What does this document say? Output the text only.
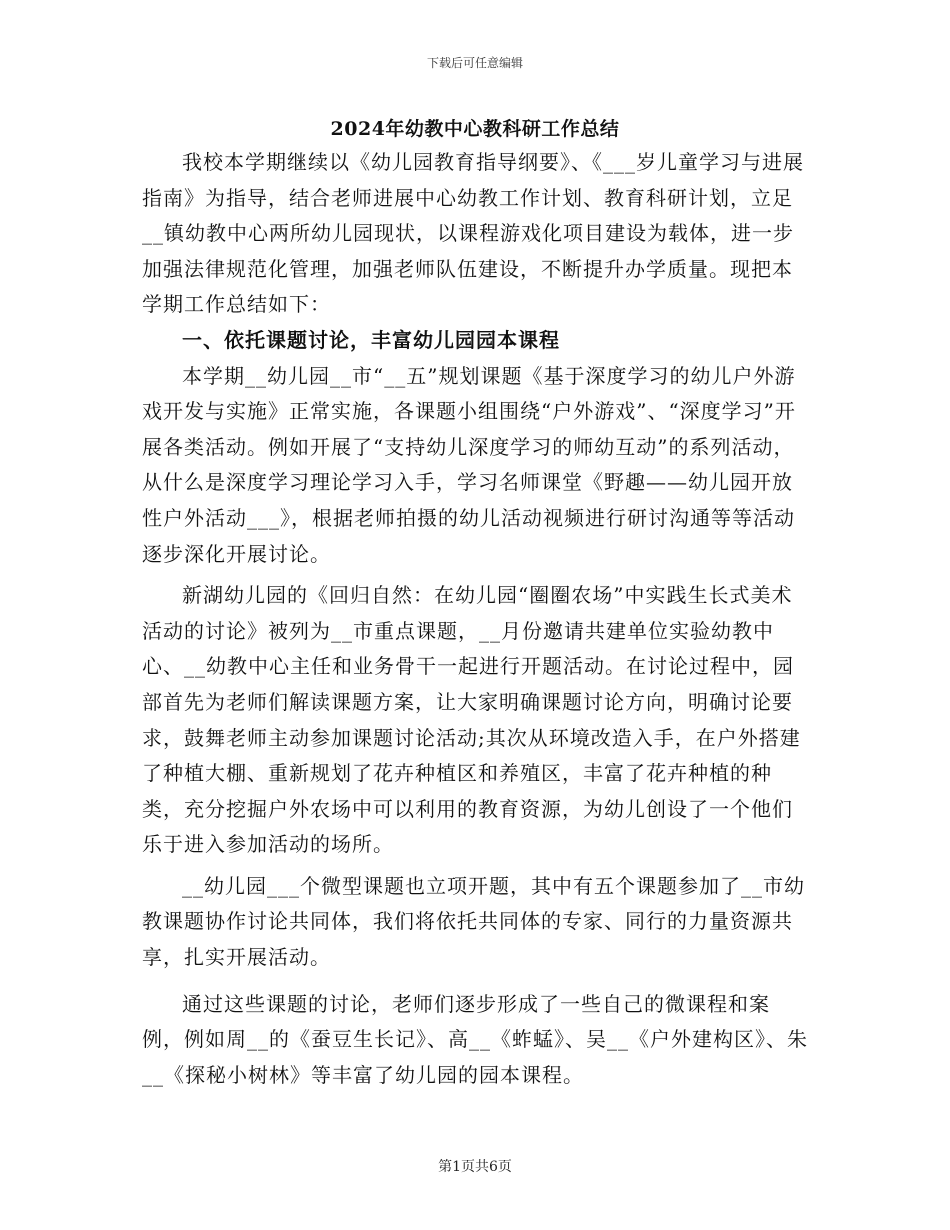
下载后可任意编辑
2024年幼教中心教科研工作总结

我校本学期继续以《幼儿园教育指导纲要》、《___岁儿童学习与进展指南》为指导，结合老师进展中心幼教工作计划、教育科研计划，立足__镇幼教中心两所幼儿园现状，以课程游戏化项目建设为载体，进一步加强法律规范化管理，加强老师队伍建设，不断提升办学质量。现把本学期工作总结如下：

一、依托课题讨论，丰富幼儿园园本课程

本学期__幼儿园__市“__五”规划课题《基于深度学习的幼儿户外游戏开发与实施》正常实施，各课题小组围绕“户外游戏”、“深度学习”开展各类活动。例如开展了“支持幼儿深度学习的师幼互动”的系列活动，从什么是深度学习理论学习入手，学习名师课堂《野趣——幼儿园开放性户外活动___》，根据老师拍摄的幼儿活动视频进行研讨沟通等等活动逐步深化开展讨论。

新湖幼儿园的《回归自然：在幼儿园“圈圈农场”中实践生长式美术活动的讨论》被列为__市重点课题，__月份邀请共建单位实验幼教中心、__幼教中心主任和业务骨干一起进行开题活动。在讨论过程中，园部首先为老师们解读课题方案，让大家明确课题讨论方向，明确讨论要求，鼓舞老师主动参加课题讨论活动;其次从环境改造入手，在户外搭建了种植大棚、重新规划了花卉种植区和养殖区，丰富了花卉种植的种类，充分挖掘户外农场中可以利用的教育资源，为幼儿创设了一个他们乐于进入参加活动的场所。

__幼儿园___个微型课题也立项开题，其中有五个课题参加了__市幼教课题协作讨论共同体，我们将依托共同体的专家、同行的力量资源共享，扎实开展活动。

通过这些课题的讨论，老师们逐步形成了一些自己的微课程和案例，例如周__的《蚕豆生长记》、高__《蚱蜢》、吴__《户外建构区》、朱__《探秘小树林》等丰富了幼儿园的园本课程。

第1页共6页
